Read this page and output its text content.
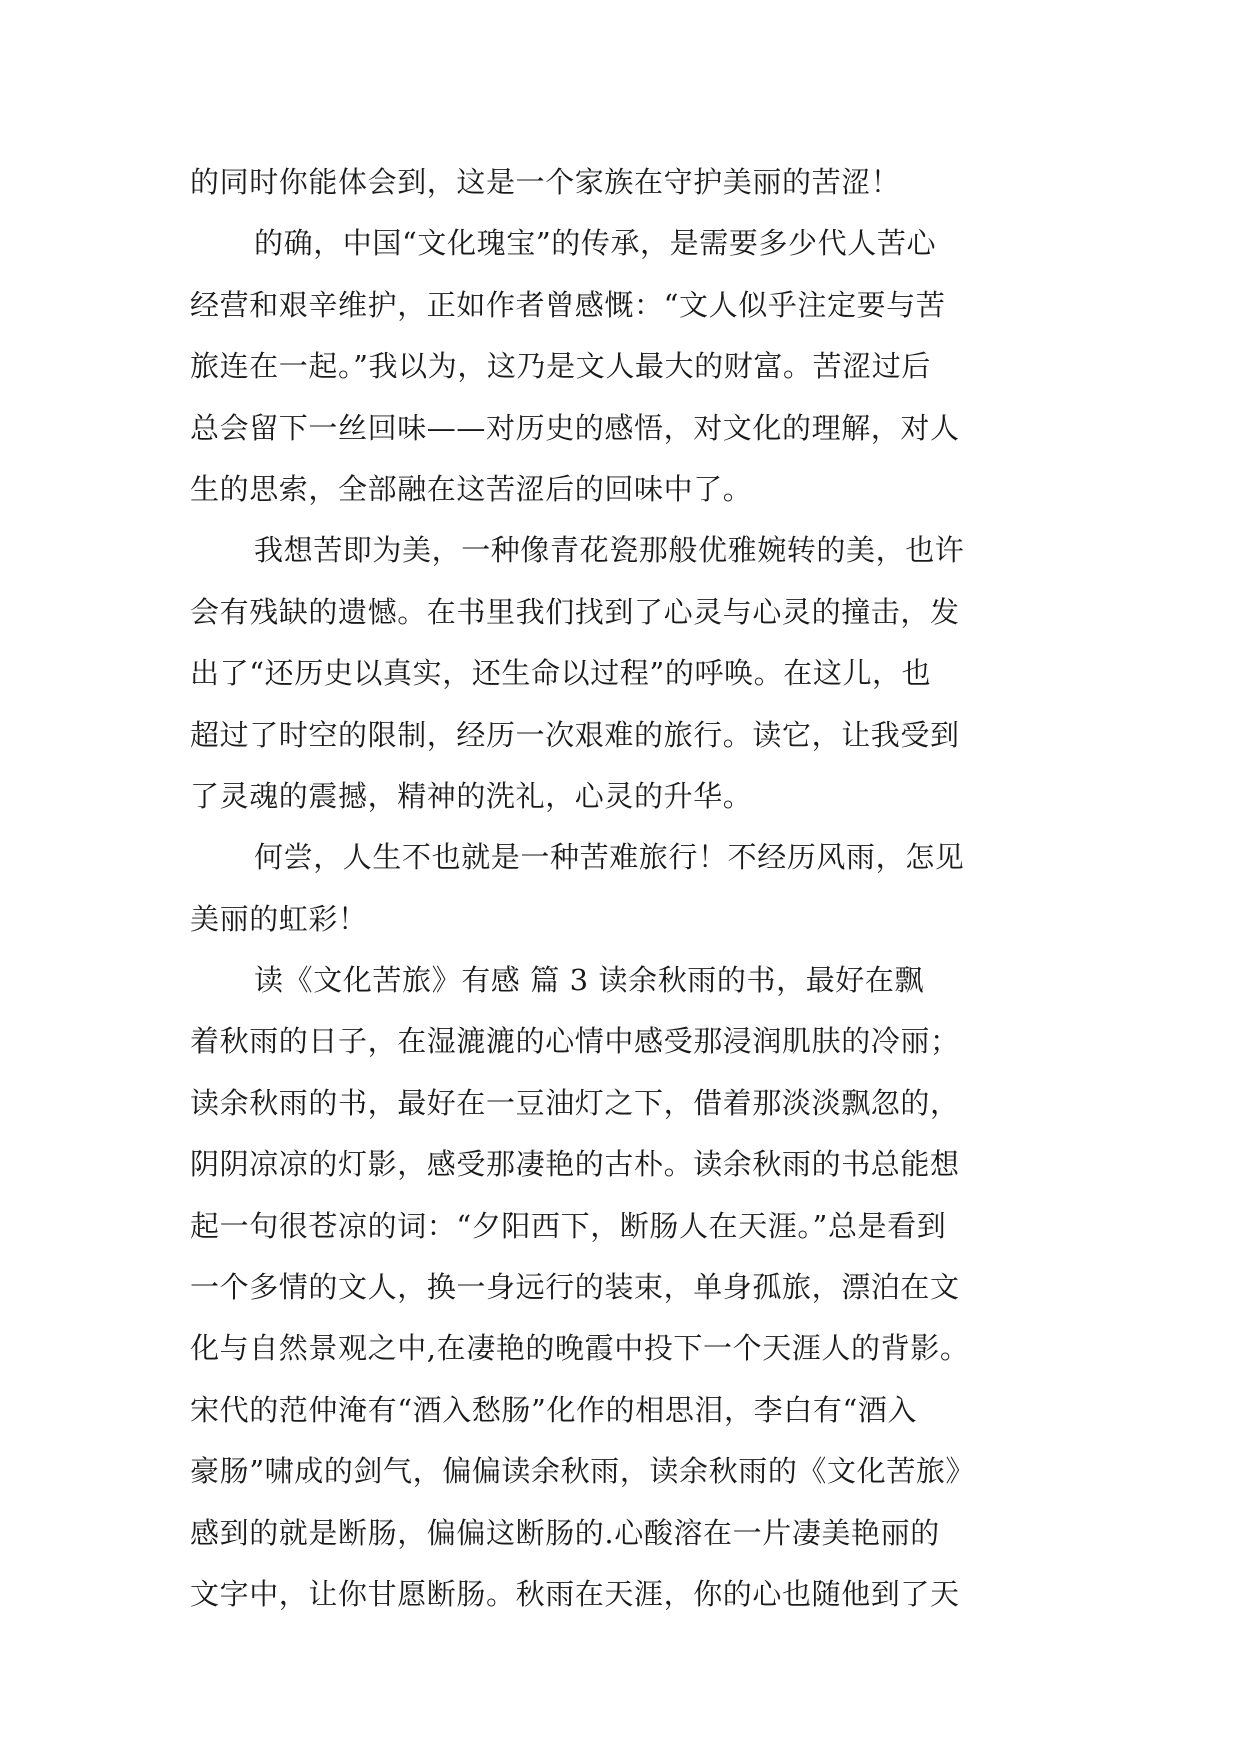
的同时你能体会到，这是一个家族在守护美丽的苦涩！
的确，中国“文化瑰宝”的传承，是需要多少代人苦心
经营和艰辛维护，正如作者曾感慨：“文人似乎注定要与苦
旅连在一起。”我以为，这乃是文人最大的财富。苦涩过后
总会留下一丝回味——对历史的感悟，对文化的理解，对人
生的思索，全部融在这苦涩后的回味中了。
我想苦即为美，一种像青花瓷那般优雅婉转的美，也许
会有残缺的遗憾。在书里我们找到了心灵与心灵的撞击，发
出了“还历史以真实，还生命以过程”的呼唤。在这儿，也
超过了时空的限制，经历一次艰难的旅行。读它，让我受到
了灵魂的震撼，精神的洗礼，心灵的升华。
何尝，人生不也就是一种苦难旅行！不经历风雨，怎见
美丽的虹彩！
读《文化苦旅》有感 篇 3 读余秋雨的书，最好在飘
着秋雨的日子，在湿漉漉的心情中感受那浸润肌肤的冷丽；
读余秋雨的书，最好在一豆油灯之下，借着那淡淡飘忽的，
阴阴凉凉的灯影，感受那凄艳的古朴。读余秋雨的书总能想
起一句很苍凉的词：“夕阳西下，断肠人在天涯。”总是看到
一个多情的文人，换一身远行的装束，单身孤旅，漂泊在文
化与自然景观之中,在凄艳的晚霞中投下一个天涯人的背影。
宋代的范仲淹有“酒入愁肠”化作的相思泪，李白有“酒入
豪肠”啸成的剑气，偏偏读余秋雨，读余秋雨的《文化苦旅》
感到的就是断肠，偏偏这断肠的.心酸溶在一片凄美艳丽的
文字中，让你甘愿断肠。秋雨在天涯，你的心也随他到了天
